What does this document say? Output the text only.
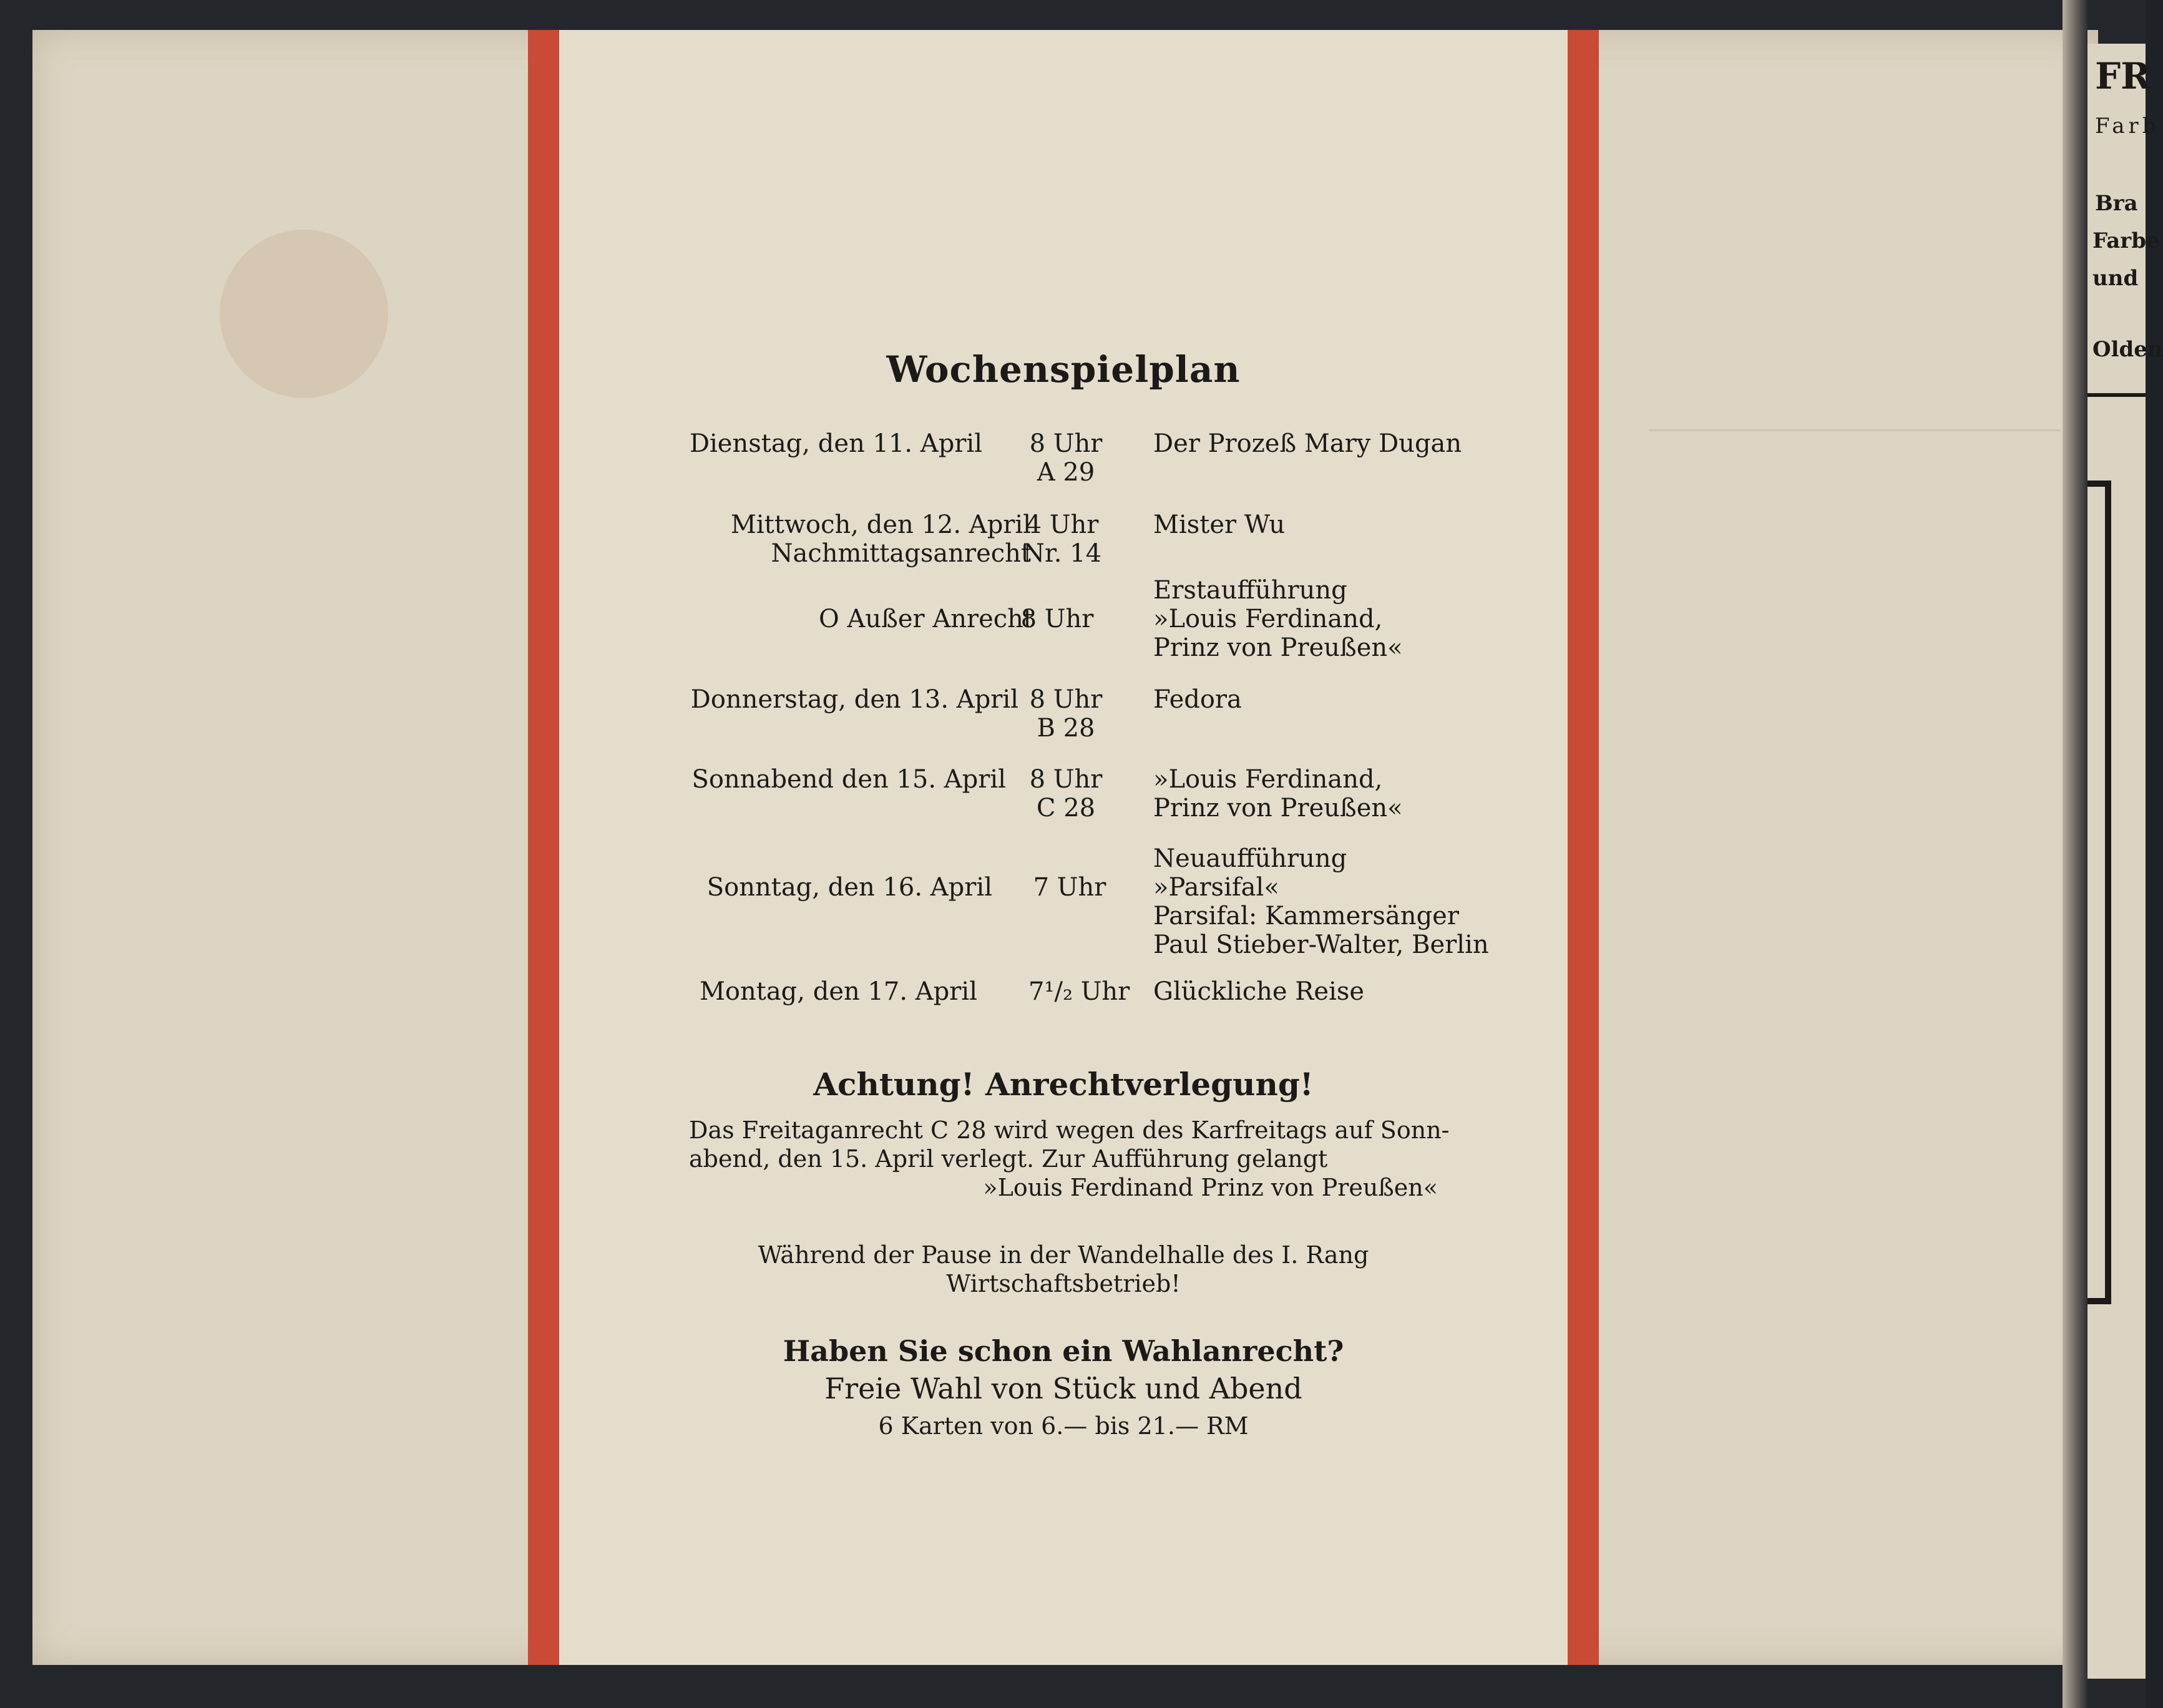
Wochenspielplan
Dienstag, den 11. April	8 Uhr
A 29
Der Prozeß Mary Dugan
Mittwoch, den 12. April
Nachmittagsanrecht
4 Uhr
Nr. 14
Mister Wu
O Außer Anrecht
8 Uhr
Erstaufführung
»Louis Ferdinand,
Prinz von Preußen«
Donnerstag, den 13. April 8 Uhr
B 28
Fedora
Sonnabend den 15. April 8 Uhr
C 28
»Louis Ferdinand,
Prinz von Preußen«
Sonntag, den 16. April	7 Uhr
Neuaufführung
»Parsifal«
Parsifal: Kammersänger
Paul Stieber-Walter, Berlin
Montag, den 17. April 7¹/₂ Uhr Glückliche Reise
Achtung! Anrechtverlegung!
Das Freitaganrecht C 28 wird wegen des Karfreitags auf Sonn-
abend, den 15. April verlegt. Zur Aufführung gelangt
»Louis Ferdinand Prinz von Preußen«
Während der Pause in der Wandelhalle des I. Rang
Wirtschaftsbetrieb!
Haben Sie schon ein Wahlanrecht?
Freie Wahl von Stück und Abend
6 Karten von 6.— bis 21.— RM
FR
Farb
Bra
Farbe
und
Olden
